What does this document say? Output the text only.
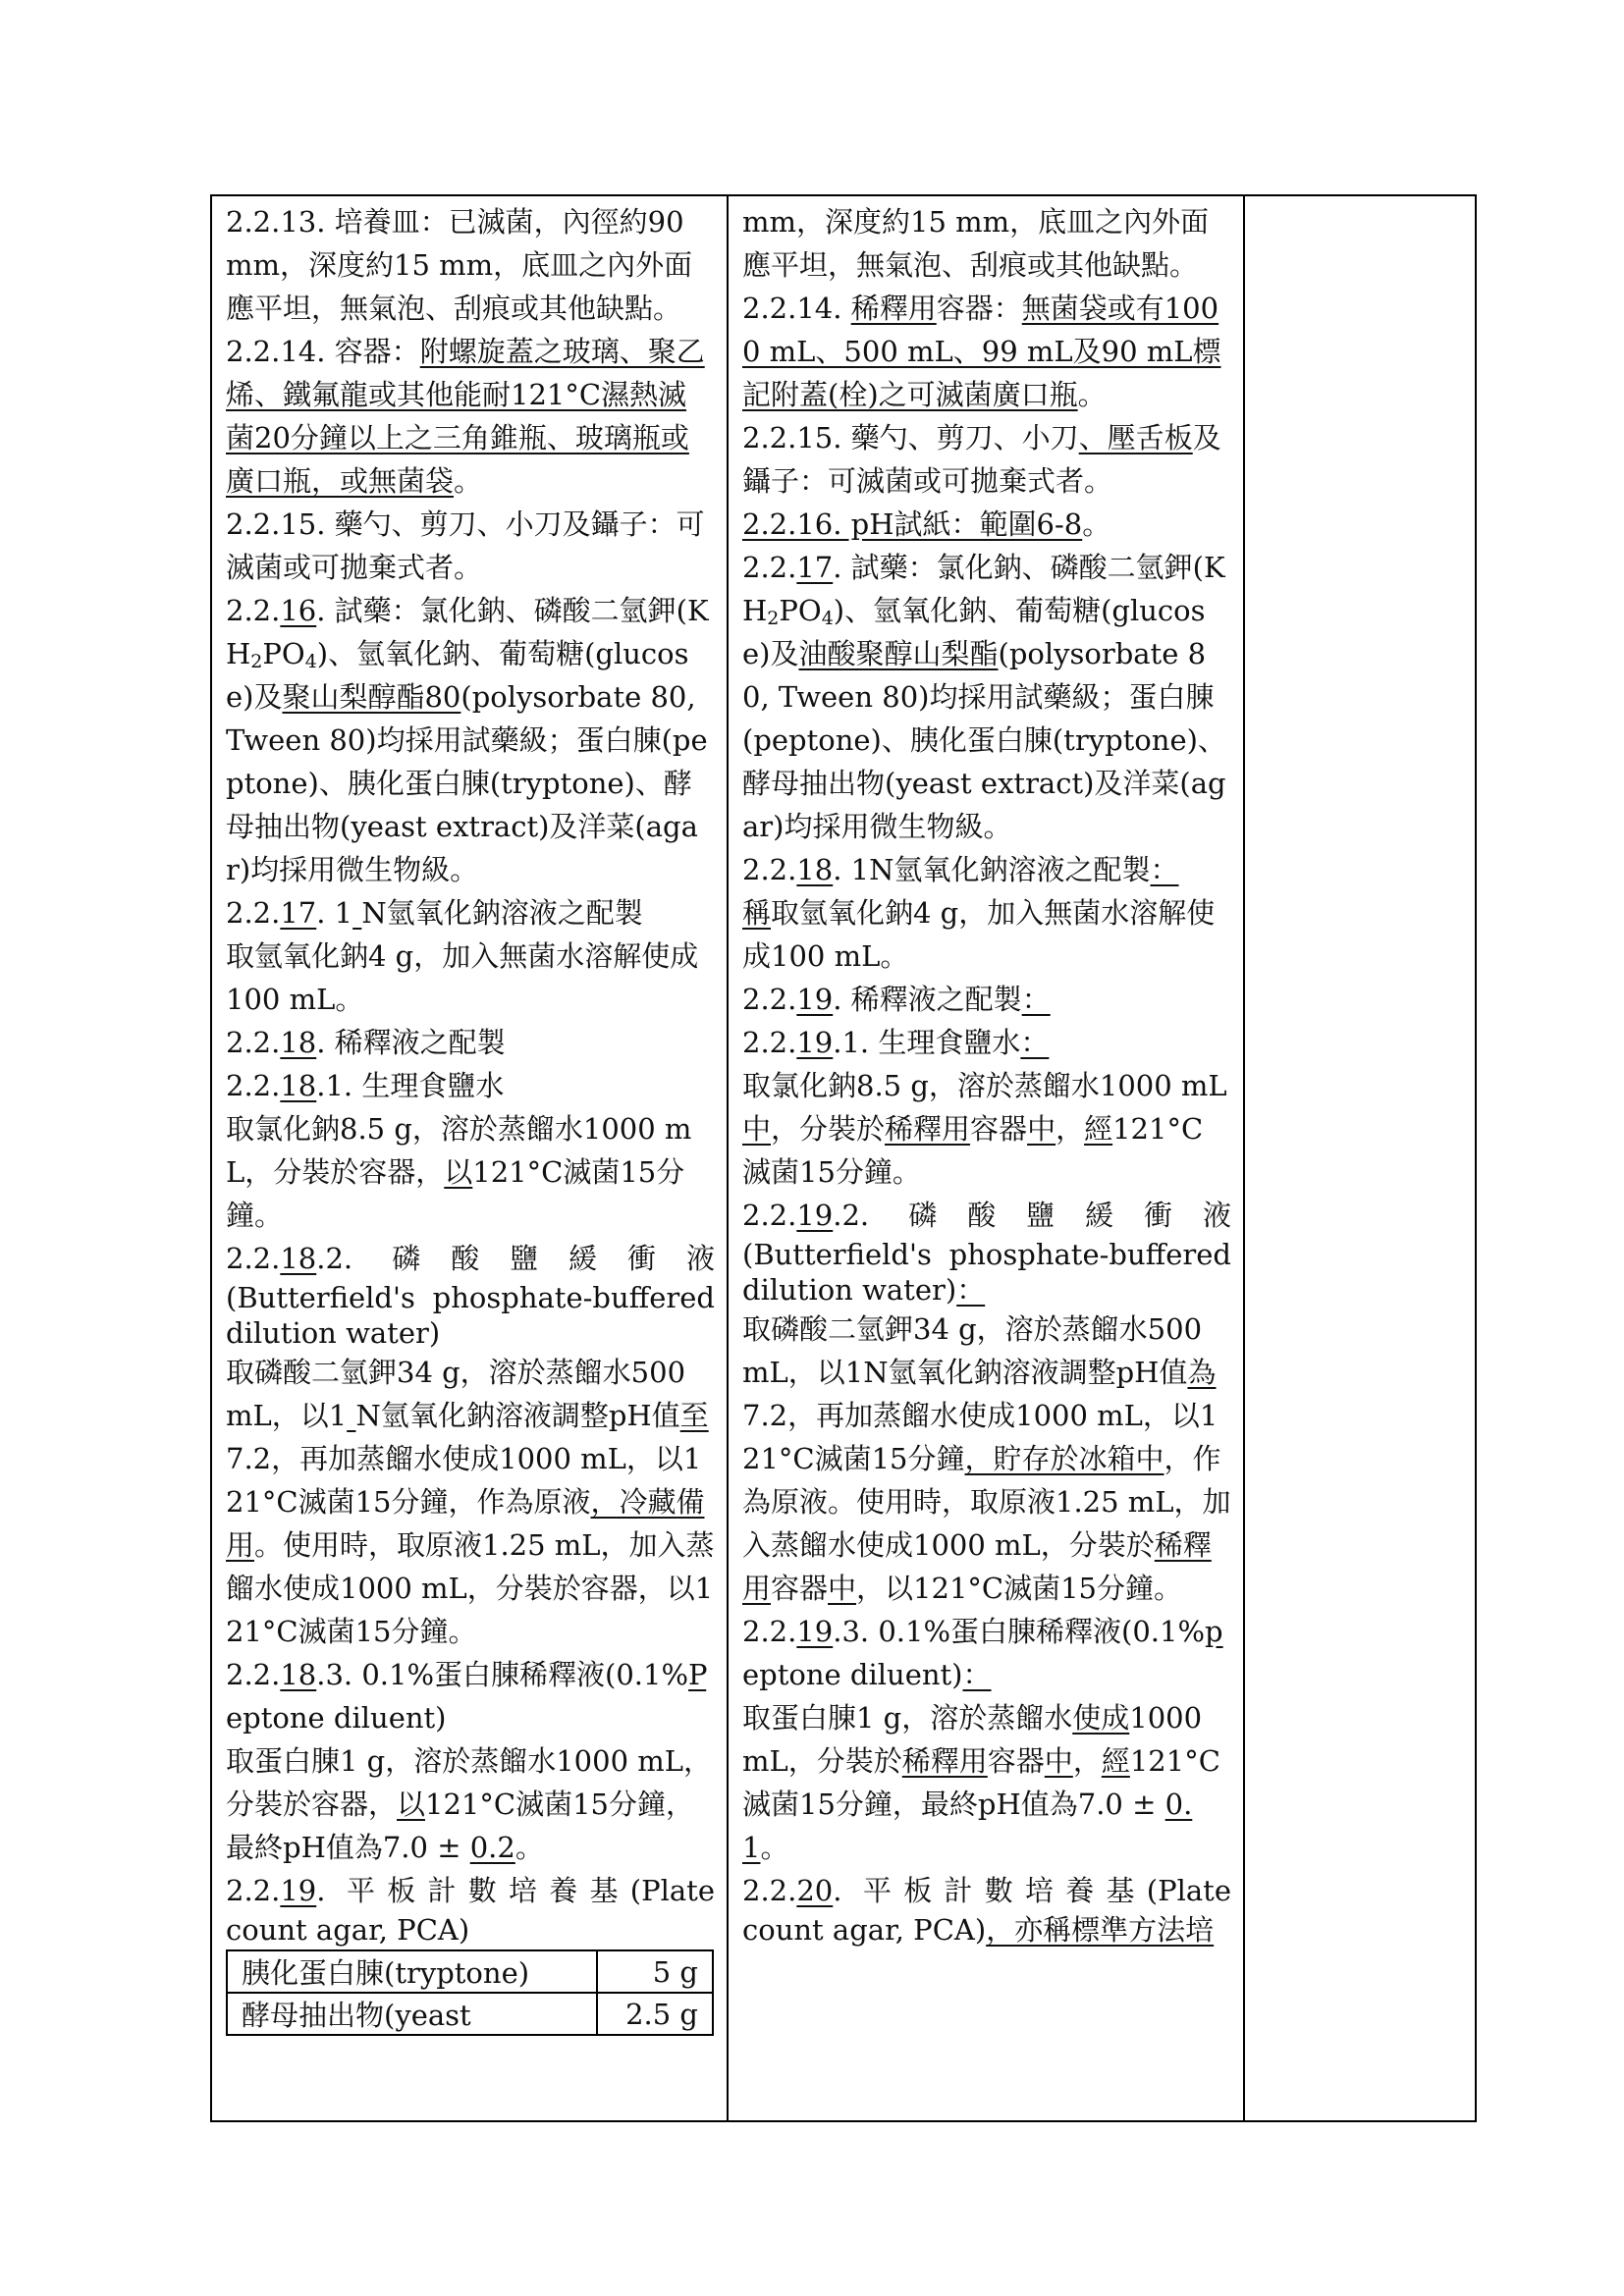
2.2.13. 培養皿：已滅菌，內徑約90 mm，深度約15 mm，底皿之內外面應平坦，無氣泡、刮痕或其他缺點。

2.2.14. 容器：附螺旋蓋之玻璃、聚乙烯、鐵氟龍或其他能耐121°C濕熱滅菌20分鐘以上之三角錐瓶、玻璃瓶或廣口瓶，或無菌袋。

2.2.15. 藥勺、剪刀、小刀及鑷子：可滅菌或可拋棄式者。

2.2.16. 試藥：氯化鈉、磷酸二氫鉀$(KH_2PO_4)$、氫氧化鈉、葡萄糖(glucose)及聚山梨醇酯80(polysorbate 80, Tween 80)均採用試藥級；蛋白腖(peptone)、胰化蛋白腖(tryptone)、酵母抽出物(yeast extract)及洋菜(agar)均採用微生物級。

2.2.17. 1 N氫氧化鈉溶液之配製

取氫氧化鈉4 g，加入無菌水溶解使成100 mL。

2.2.18. 稀釋液之配製

2.2.18.1. 生理食鹽水

取氯化鈉8.5 g，溶於蒸餾水1000 mL，分裝於容器，以121°C滅菌15分鐘。

2.2.18.2. 磷酸鹽緩衝液

(Butterfield's phosphate-buffered

dilution water)

取磷酸二氫鉀34 g，溶於蒸餾水500 mL，以1 N氫氧化鈉溶液調整pH值至7.2，再加蒸餾水使成1000 mL，以121°C滅菌15分鐘，作為原液，冷藏備用。使用時，取原液1.25 mL，加入蒸餾水使成1000 mL，分裝於容器，以121°C滅菌15分鐘。

2.2.18.3. 0.1%蛋白腖稀釋液(0.1%Peptone diluent)

取蛋白腖1 g，溶於蒸餾水1000 mL，分裝於容器，以121°C滅菌15分鐘，最終pH值為7.0 ± 0.2。

2.2.19. 平板計數培養基(Plate

count agar, PCA)

胰化蛋白腖(tryptone)	5 g
酵母抽出物(yeast	2.5 g

mm，深度約15 mm，底皿之內外面應平坦，無氣泡、刮痕或其他缺點。

2.2.14. 稀釋用容器：無菌袋或有1000 mL、500 mL、99 mL及90 mL標記附蓋(栓)之可滅菌廣口瓶。

2.2.15. 藥勺、剪刀、小刀、壓舌板及鑷子：可滅菌或可拋棄式者。

2.2.16. pH試紙：範圍6-8。

2.2.17. 試藥：氯化鈉、磷酸二氫鉀$(KH_2PO_4)$、氫氧化鈉、葡萄糖(glucose)及油酸聚醇山梨酯(polysorbate 80, Tween 80)均採用試藥級；蛋白腖(peptone)、胰化蛋白腖(tryptone)、酵母抽出物(yeast extract)及洋菜(agar)均採用微生物級。

2.2.18. 1N氫氧化鈉溶液之配製：

稱取氫氧化鈉4 g，加入無菌水溶解使成100 mL。

2.2.19. 稀釋液之配製：

2.2.19.1. 生理食鹽水：

取氯化鈉8.5 g，溶於蒸餾水1000 mL中，分裝於稀釋用容器中，經121°C滅菌15分鐘。

2.2.19.2. 磷酸鹽緩衝液

(Butterfield's phosphate-buffered

dilution water)：

取磷酸二氫鉀34 g，溶於蒸餾水500 mL，以1N氫氧化鈉溶液調整pH值為7.2，再加蒸餾水使成1000 mL，以121°C滅菌15分鐘，貯存於冰箱中，作為原液。使用時，取原液1.25 mL，加入蒸餾水使成1000 mL，分裝於稀釋用容器中，以121°C滅菌15分鐘。

2.2.19.3. 0.1%蛋白腖稀釋液(0.1%peptone diluent)：

取蛋白腖1 g，溶於蒸餾水使成1000 mL，分裝於稀釋用容器中，經121°C滅菌15分鐘，最終pH值為7.0 ± 0.1。

2.2.20. 平板計數培養基(Plate

count agar, PCA)，亦稱標準方法培
